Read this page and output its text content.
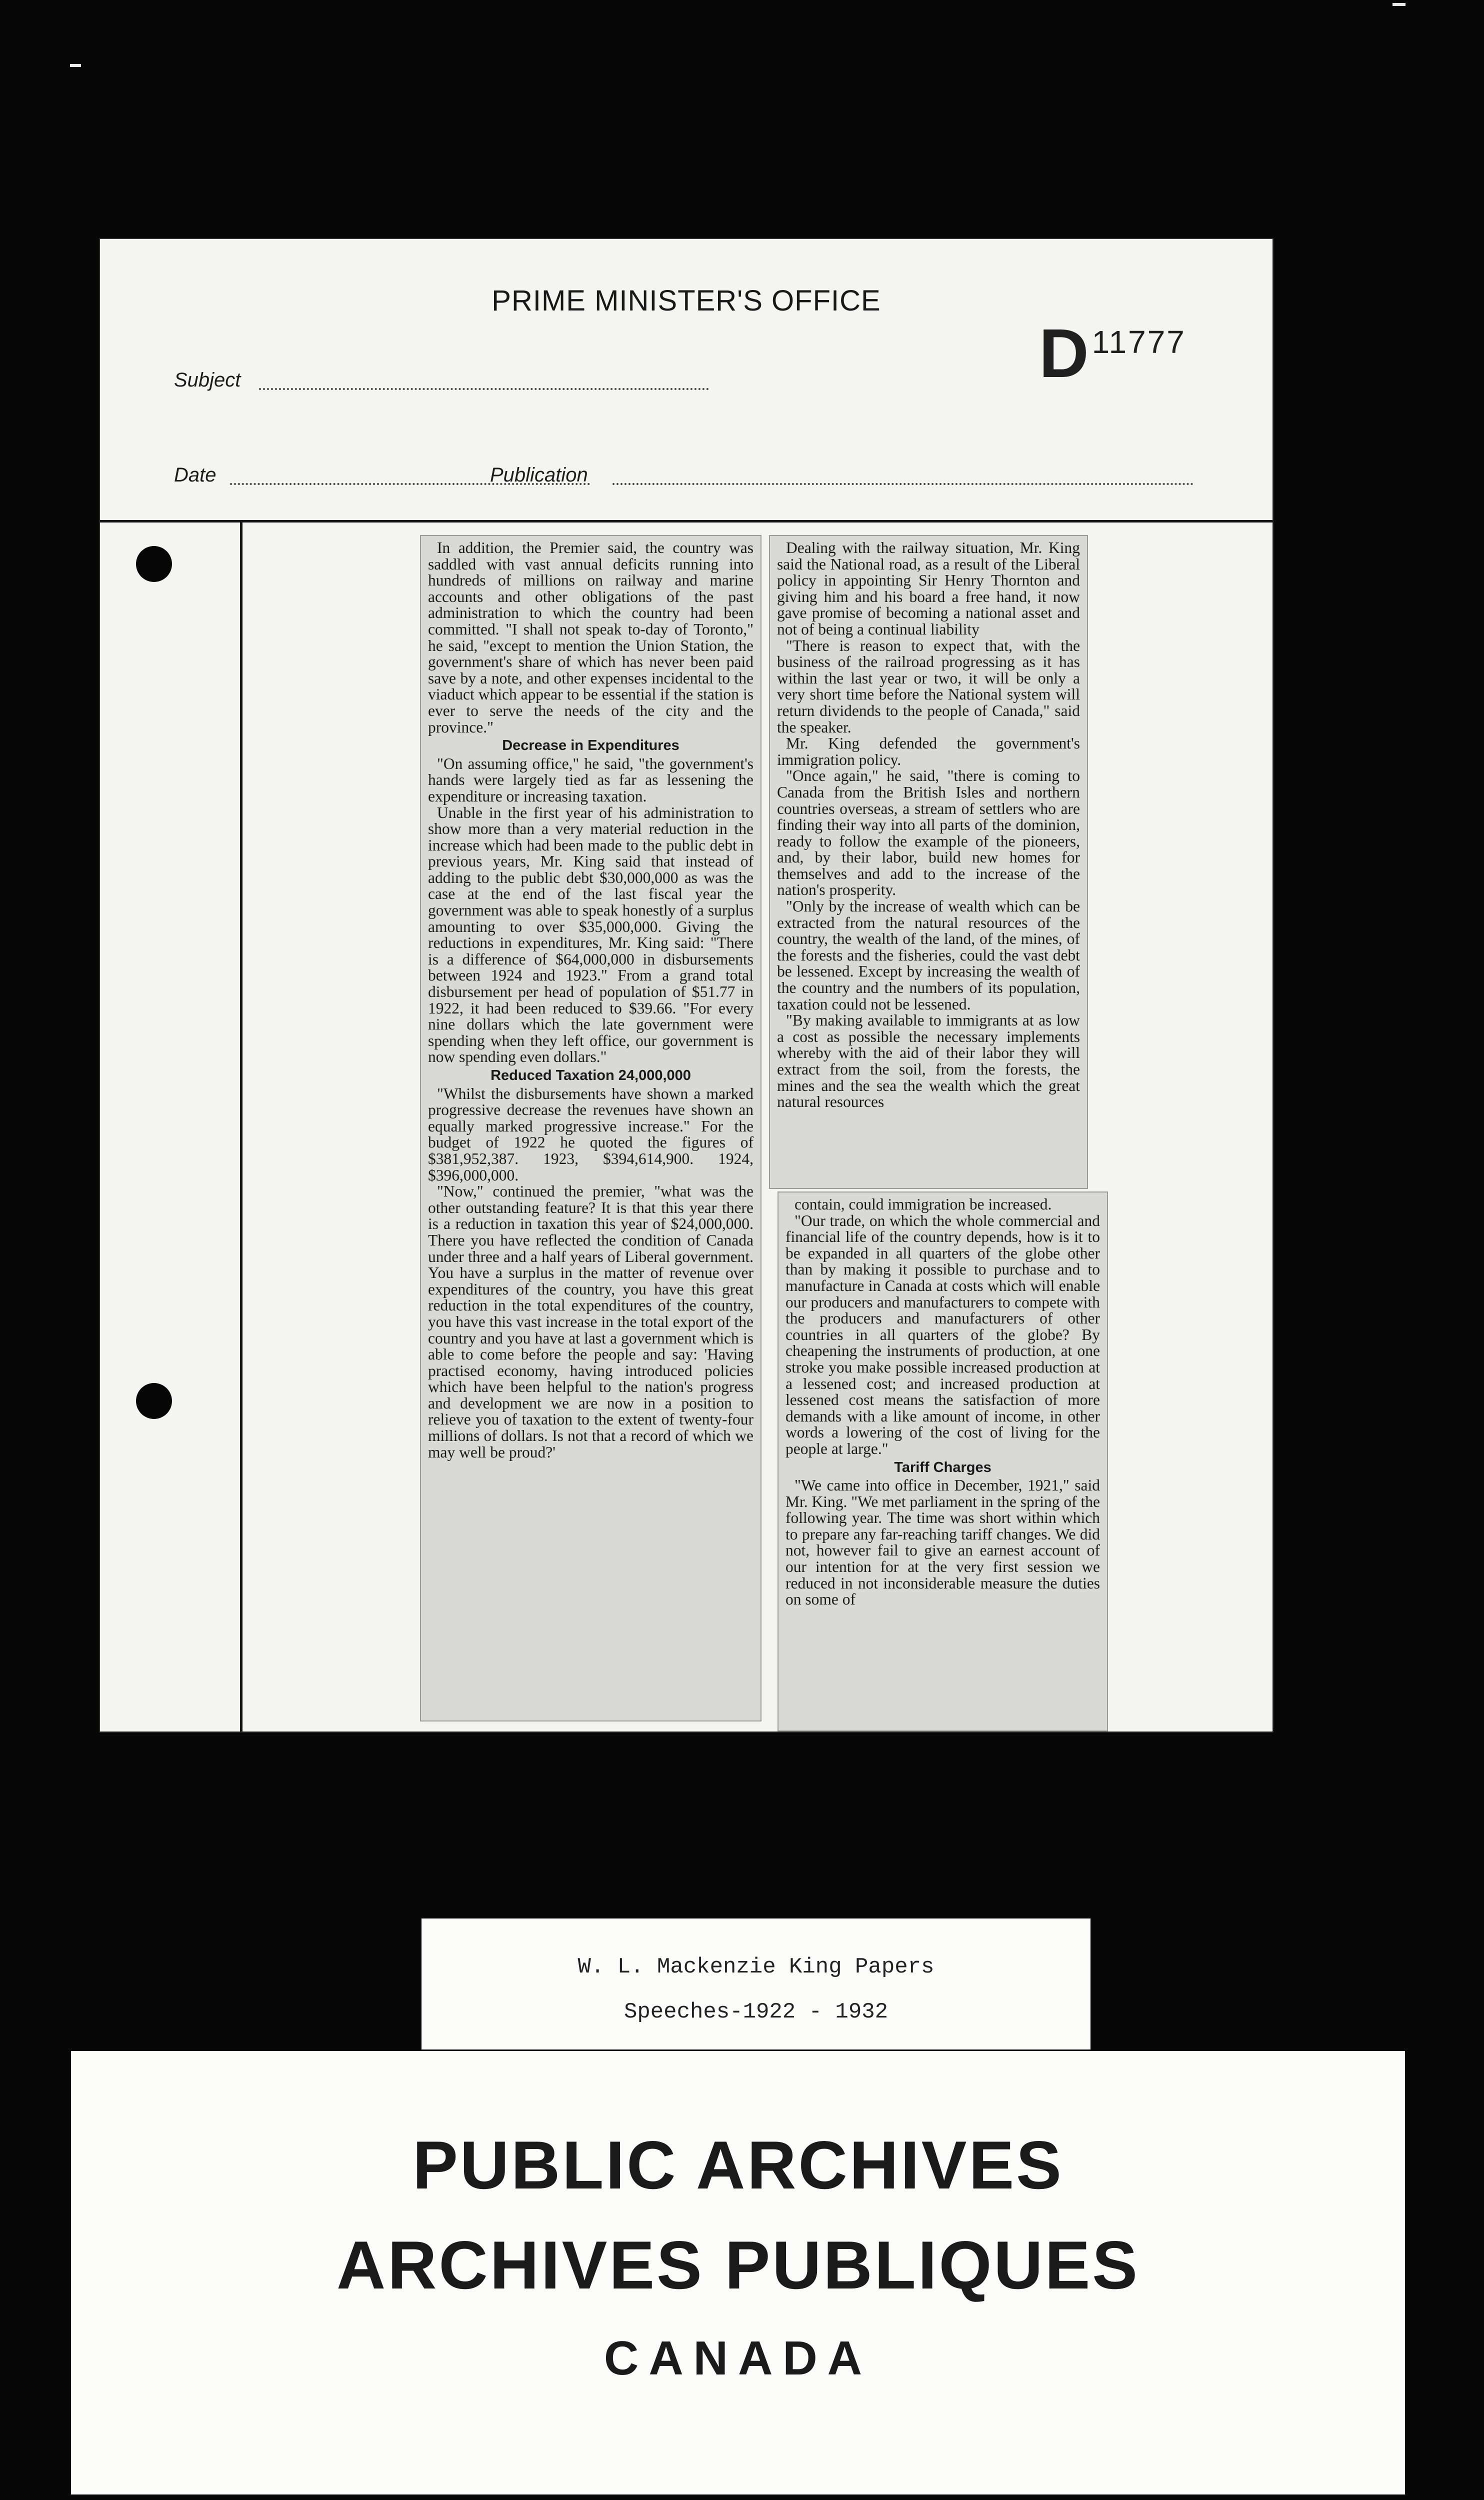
PRIME MINISTER'S OFFICE
$D^{11777}$
Subject
Date	Publication

In addition, the Premier said, the country was saddled with vast annual deficits running into hundreds of millions on railway and marine accounts and other obligations of the past administration to which the country had been committed. "I shall not speak to-day of Toronto," he said, "except to mention the Union Station, the government's share of which has never been paid save by a note, and other expenses incidental to the viaduct which appear to be essential if the station is ever to serve the needs of the city and the province."

Decrease in Expenditures

"On assuming office," he said, "the government's hands were largely tied as far as lessening the expenditure or increasing taxation.

Unable in the first year of his administration to show more than a very material reduction in the increase which had been made to the public debt in previous years, Mr. King said that instead of adding to the public debt $30,000,000 as was the case at the end of the last fiscal year the government was able to speak honestly of a surplus amounting to over $35,000,000. Giving the reductions in expenditures, Mr. King said: "There is a difference of $64,000,000 in disbursements between 1924 and 1923." From a grand total disbursement per head of population of $51.77 in 1922, it had been reduced to $39.66. "For every nine dollars which the late government were spending when they left office, our government is now spending even dollars."

Reduced Taxation 24,000,000

"Whilst the disbursements have shown a marked progressive decrease the revenues have shown an equally marked progressive increase." For the budget of 1922 he quoted the figures of $381,952,387. 1923, $394,614,900. 1924, $396,000,000.

"Now," continued the premier, "what was the other outstanding feature? It is that this year there is a reduction in taxation this year of $24,000,000. There you have reflected the condition of Canada under three and a half years of Liberal government. You have a surplus in the matter of revenue over expenditures of the country, you have this great reduction in the total expenditures of the country, you have this vast increase in the total export of the country and you have at last a government which is able to come before the people and say: 'Having practised economy, having introduced policies which have been helpful to the nation's progress and development we are now in a position to relieve you of taxation to the extent of twenty-four millions of dollars. Is not that a record of which we may well be proud?'

Dealing with the railway situation, Mr. King said the National road, as a result of the Liberal policy in appointing Sir Henry Thornton and giving him and his board a free hand, it now gave promise of becoming a national asset and not of being a continual liability

"There is reason to expect that, with the business of the railroad progressing as it has within the last year or two, it will be only a very short time before the National system will return dividends to the people of Canada," said the speaker.

Mr. King defended the government's immigration policy.

"Once again," he said, "there is coming to Canada from the British Isles and northern countries overseas, a stream of settlers who are finding their way into all parts of the dominion, ready to follow the example of the pioneers, and, by their labor, build new homes for themselves and add to the increase of the nation's prosperity.

"Only by the increase of wealth which can be extracted from the natural resources of the country, the wealth of the land, of the mines, of the forests and the fisheries, could the vast debt be lessened. Except by increasing the wealth of the country and the numbers of its population, taxation could not be lessened.

"By making available to immigrants at as low a cost as possible the necessary implements whereby with the aid of their labor they will extract from the soil, from the forests, the mines and the sea the wealth which the great natural resources

contain, could immigration be increased.

"Our trade, on which the whole commercial and financial life of the country depends, how is it to be expanded in all quarters of the globe other than by making it possible to purchase and to manufacture in Canada at costs which will enable our producers and manufacturers to compete with the producers and manufacturers of other countries in all quarters of the globe? By cheapening the instruments of production, at one stroke you make possible increased production at a lessened cost; and increased production at lessened cost means the satisfaction of more demands with a like amount of income, in other words a lowering of the cost of living for the people at large."

Tariff Charges

"We came into office in December, 1921," said Mr. King. "We met parliament in the spring of the following year. The time was short within which to prepare any far-reaching tariff changes. We did not, however fail to give an earnest account of our intention for at the very first session we reduced in not inconsiderable measure the duties on some of

W. L. Mackenzie King Papers
Speeches-1922 - 1932
PUBLIC ARCHIVES
ARCHIVES PUBLIQUES
CANADA
